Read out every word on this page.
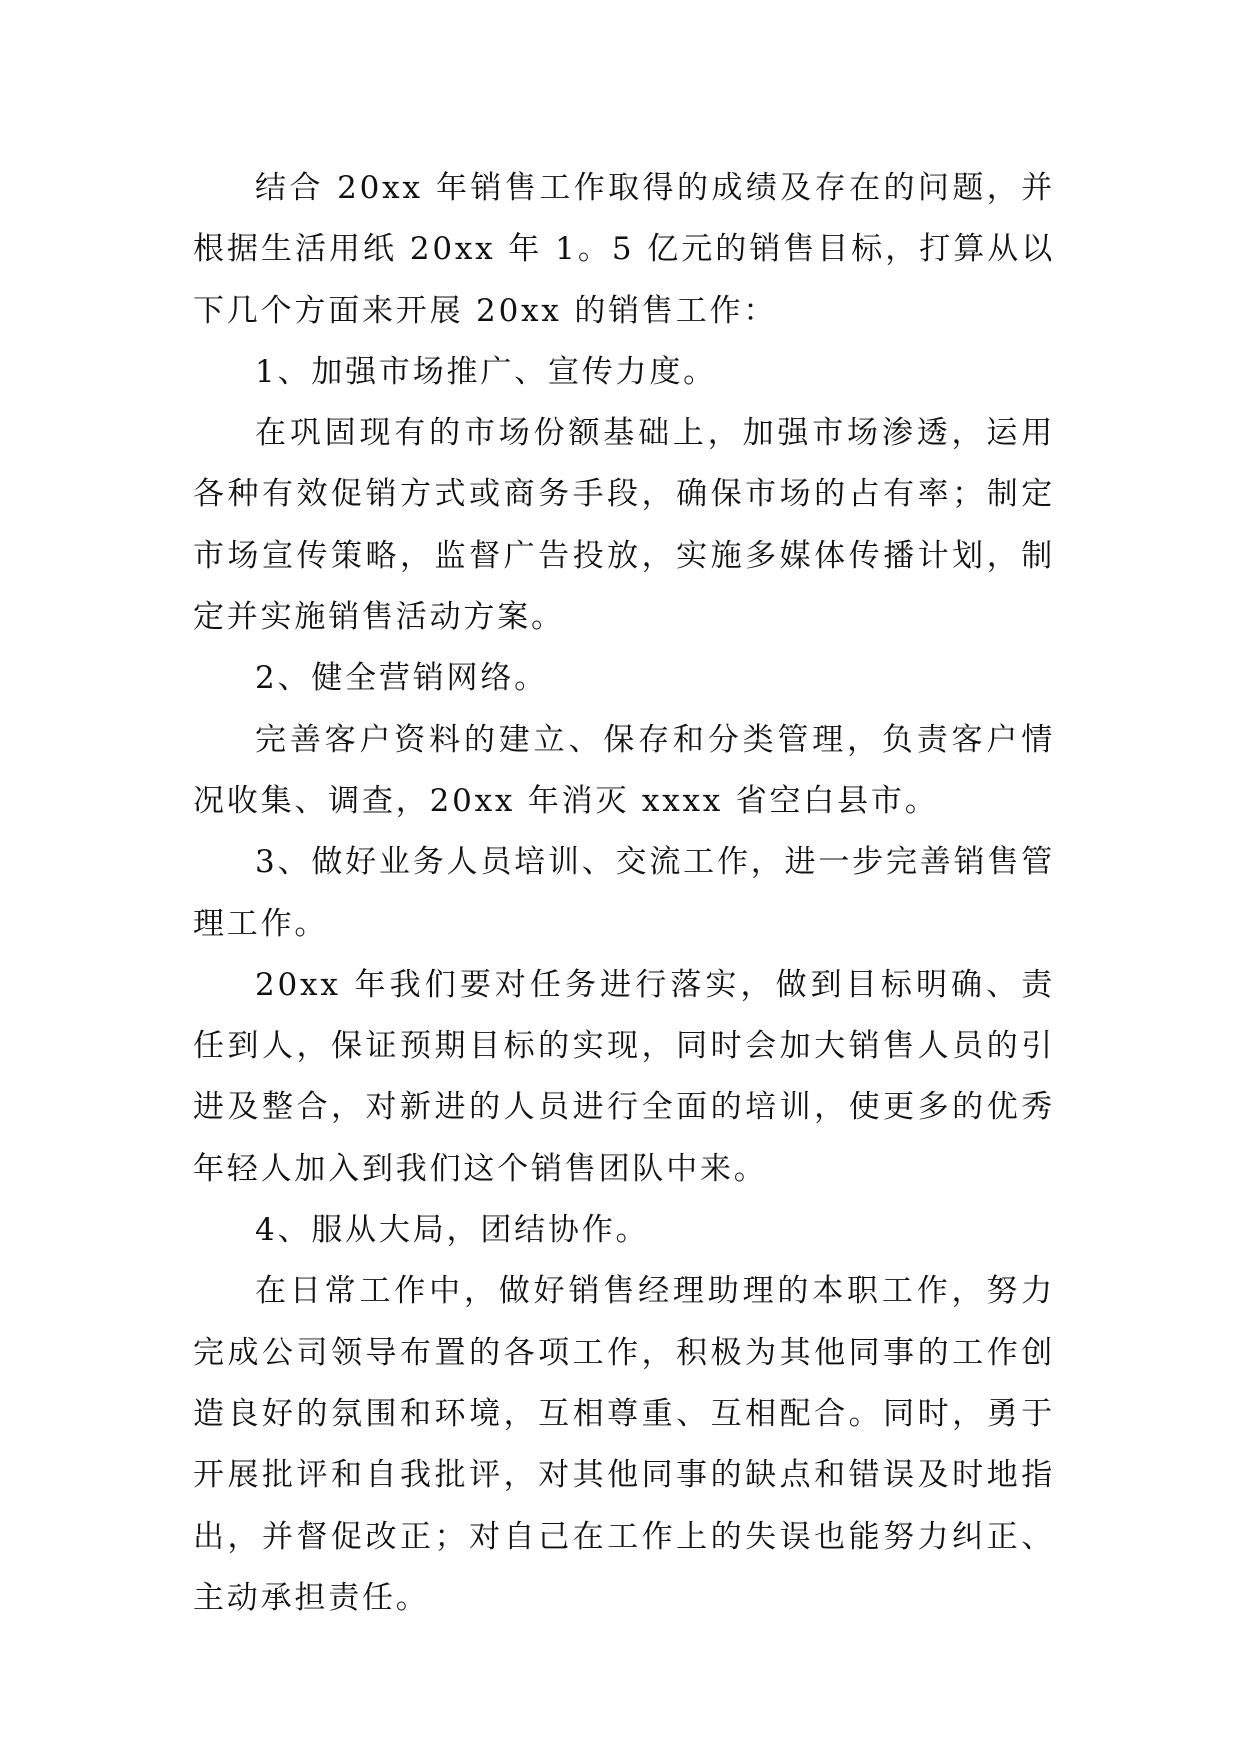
结合 20xx 年销售工作取得的成绩及存在的问题，并根据生活用纸 20xx 年 1。5 亿元的销售目标，打算从以下几个方面来开展 20xx 的销售工作：

1、加强市场推广、宣传力度。

在巩固现有的市场份额基础上，加强市场渗透，运用各种有效促销方式或商务手段，确保市场的占有率；制定市场宣传策略，监督广告投放，实施多媒体传播计划，制定并实施销售活动方案。

2、健全营销网络。

完善客户资料的建立、保存和分类管理，负责客户情况收集、调查，20xx 年消灭 xxxx 省空白县市。

3、做好业务人员培训、交流工作，进一步完善销售管理工作。

20xx 年我们要对任务进行落实，做到目标明确、责任到人，保证预期目标的实现，同时会加大销售人员的引进及整合，对新进的人员进行全面的培训，使更多的优秀年轻人加入到我们这个销售团队中来。

4、服从大局，团结协作。

在日常工作中，做好销售经理助理的本职工作，努力完成公司领导布置的各项工作，积极为其他同事的工作创造良好的氛围和环境，互相尊重、互相配合。同时，勇于开展批评和自我批评，对其他同事的缺点和错误及时地指出，并督促改正；对自己在工作上的失误也能努力纠正、主动承担责任。
